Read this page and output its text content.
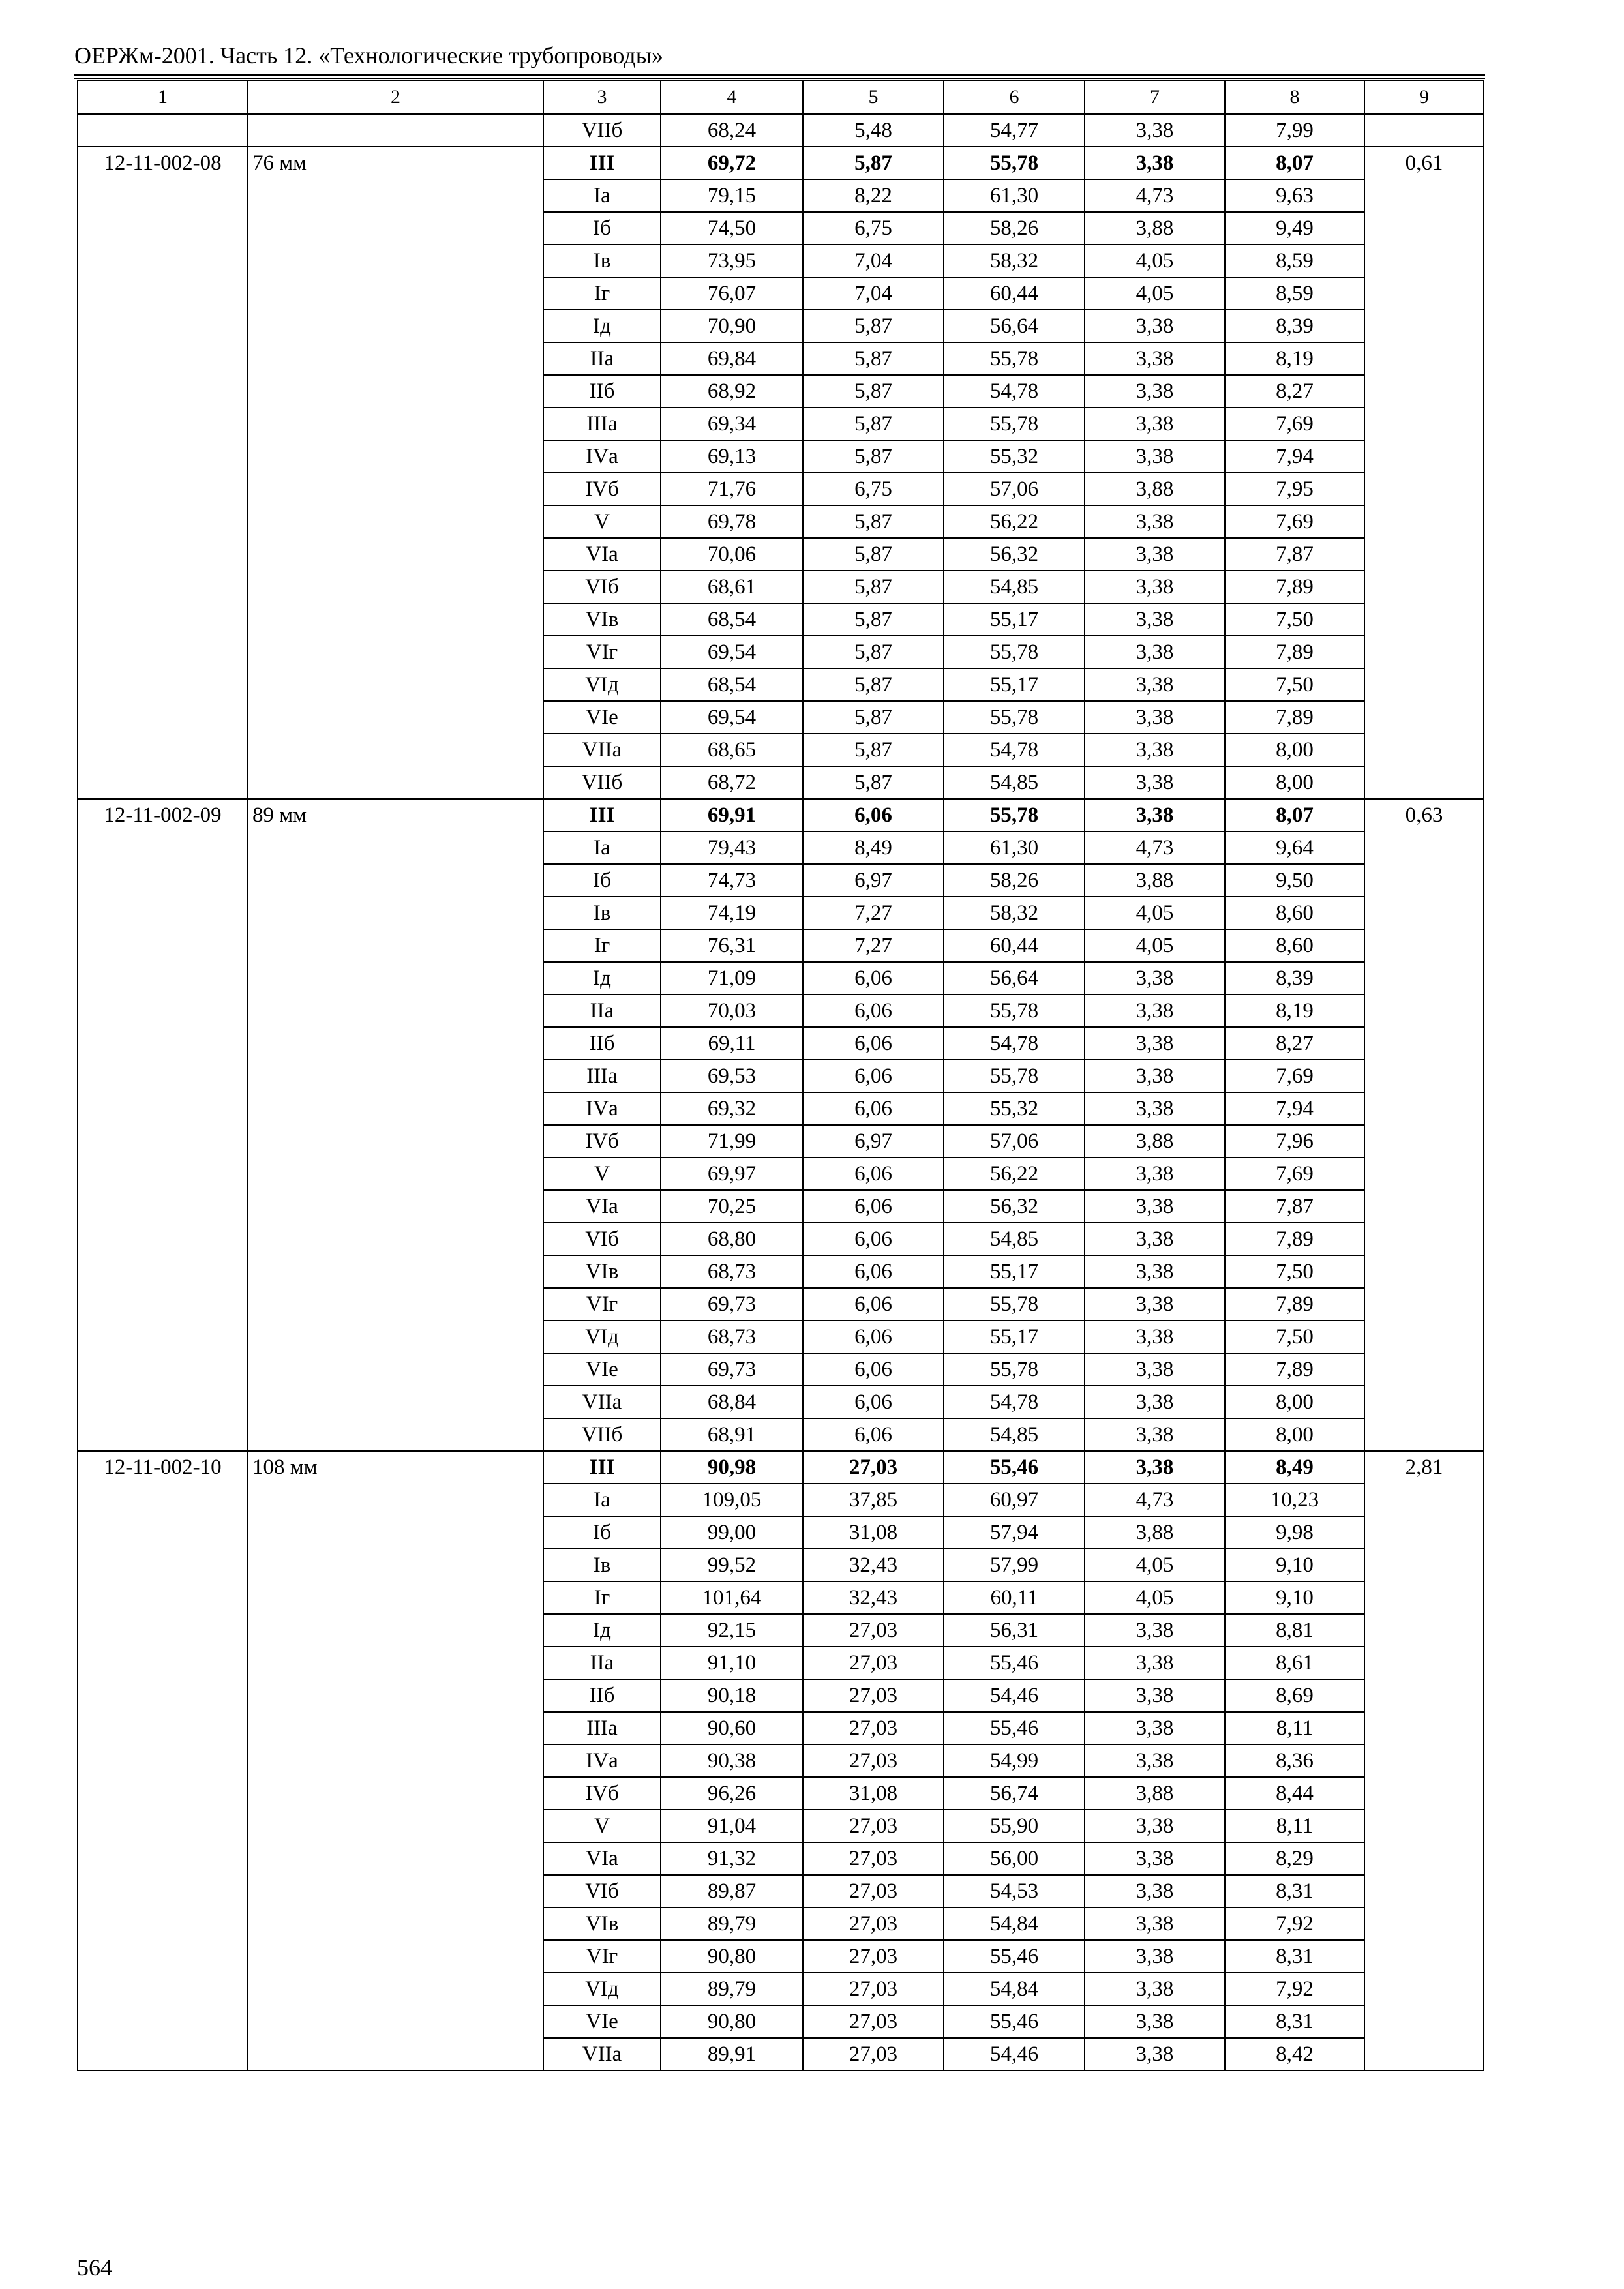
ОЕРЖм-2001. Часть 12. «Технологические трубопроводы»
1	2	3	4	5	6	7	8	9
		VIIб	68,24	5,48	54,77	3,38	7,99	
12-11-002-08	76 мм	III	69,72	5,87	55,78	3,38	8,07	0,61
		Iа	79,15	8,22	61,30	4,73	9,63	
		Iб	74,50	6,75	58,26	3,88	9,49	
		Iв	73,95	7,04	58,32	4,05	8,59	
		Iг	76,07	7,04	60,44	4,05	8,59	
		Iд	70,90	5,87	56,64	3,38	8,39	
		IIа	69,84	5,87	55,78	3,38	8,19	
		IIб	68,92	5,87	54,78	3,38	8,27	
		IIIа	69,34	5,87	55,78	3,38	7,69	
		IVа	69,13	5,87	55,32	3,38	7,94	
		IVб	71,76	6,75	57,06	3,88	7,95	
		V	69,78	5,87	56,22	3,38	7,69	
		VIа	70,06	5,87	56,32	3,38	7,87	
		VIб	68,61	5,87	54,85	3,38	7,89	
		VIв	68,54	5,87	55,17	3,38	7,50	
		VIг	69,54	5,87	55,78	3,38	7,89	
		VIд	68,54	5,87	55,17	3,38	7,50	
		VIе	69,54	5,87	55,78	3,38	7,89	
		VIIа	68,65	5,87	54,78	3,38	8,00	
		VIIб	68,72	5,87	54,85	3,38	8,00	
12-11-002-09	89 мм	III	69,91	6,06	55,78	3,38	8,07	0,63
		Iа	79,43	8,49	61,30	4,73	9,64	
		Iб	74,73	6,97	58,26	3,88	9,50	
		Iв	74,19	7,27	58,32	4,05	8,60	
		Iг	76,31	7,27	60,44	4,05	8,60	
		Iд	71,09	6,06	56,64	3,38	8,39	
		IIа	70,03	6,06	55,78	3,38	8,19	
		IIб	69,11	6,06	54,78	3,38	8,27	
		IIIа	69,53	6,06	55,78	3,38	7,69	
		IVа	69,32	6,06	55,32	3,38	7,94	
		IVб	71,99	6,97	57,06	3,88	7,96	
		V	69,97	6,06	56,22	3,38	7,69	
		VIа	70,25	6,06	56,32	3,38	7,87	
		VIб	68,80	6,06	54,85	3,38	7,89	
		VIв	68,73	6,06	55,17	3,38	7,50	
		VIг	69,73	6,06	55,78	3,38	7,89	
		VIд	68,73	6,06	55,17	3,38	7,50	
		VIе	69,73	6,06	55,78	3,38	7,89	
		VIIа	68,84	6,06	54,78	3,38	8,00	
		VIIб	68,91	6,06	54,85	3,38	8,00	
12-11-002-10	108 мм	III	90,98	27,03	55,46	3,38	8,49	2,81
		Iа	109,05	37,85	60,97	4,73	10,23	
		Iб	99,00	31,08	57,94	3,88	9,98	
		Iв	99,52	32,43	57,99	4,05	9,10	
		Iг	101,64	32,43	60,11	4,05	9,10	
		Iд	92,15	27,03	56,31	3,38	8,81	
		IIа	91,10	27,03	55,46	3,38	8,61	
		IIб	90,18	27,03	54,46	3,38	8,69	
		IIIа	90,60	27,03	55,46	3,38	8,11	
		IVа	90,38	27,03	54,99	3,38	8,36	
		IVб	96,26	31,08	56,74	3,88	8,44	
		V	91,04	27,03	55,90	3,38	8,11	
		VIа	91,32	27,03	56,00	3,38	8,29	
		VIб	89,87	27,03	54,53	3,38	8,31	
		VIв	89,79	27,03	54,84	3,38	7,92	
		VIг	90,80	27,03	55,46	3,38	8,31	
		VIд	89,79	27,03	54,84	3,38	7,92	
		VIе	90,80	27,03	55,46	3,38	8,31	
		VIIа	89,91	27,03	54,46	3,38	8,42	
564
